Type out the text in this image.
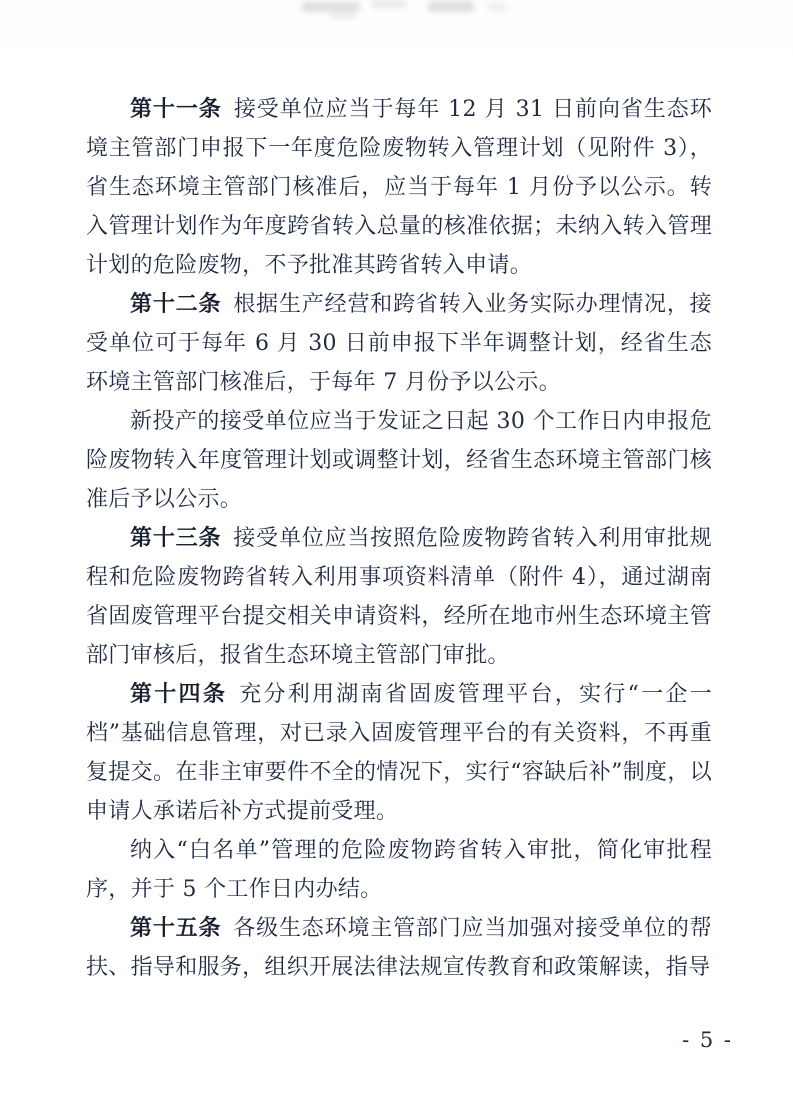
第十一条 接受单位应当于每年 12 月 31 日前向省生态环境主管部门申报下一年度危险废物转入管理计划（见附件 3），省生态环境主管部门核准后，应当于每年 1 月份予以公示。转入管理计划作为年度跨省转入总量的核准依据；未纳入转入管理计划的危险废物，不予批准其跨省转入申请。

第十二条 根据生产经营和跨省转入业务实际办理情况，接受单位可于每年 6 月 30 日前申报下半年调整计划，经省生态环境主管部门核准后，于每年 7 月份予以公示。

新投产的接受单位应当于发证之日起 30 个工作日内申报危险废物转入年度管理计划或调整计划，经省生态环境主管部门核准后予以公示。

第十三条 接受单位应当按照危险废物跨省转入利用审批规程和危险废物跨省转入利用事项资料清单（附件 4），通过湖南省固废管理平台提交相关申请资料，经所在地市州生态环境主管部门审核后，报省生态环境主管部门审批。

第十四条 充分利用湖南省固废管理平台，实行“一企一档”基础信息管理，对已录入固废管理平台的有关资料，不再重复提交。在非主审要件不全的情况下，实行“容缺后补”制度，以申请人承诺后补方式提前受理。

纳入“白名单”管理的危险废物跨省转入审批，简化审批程序，并于 5 个工作日内办结。

第十五条 各级生态环境主管部门应当加强对接受单位的帮扶、指导和服务，组织开展法律法规宣传教育和政策解读，指导

- 5 -
